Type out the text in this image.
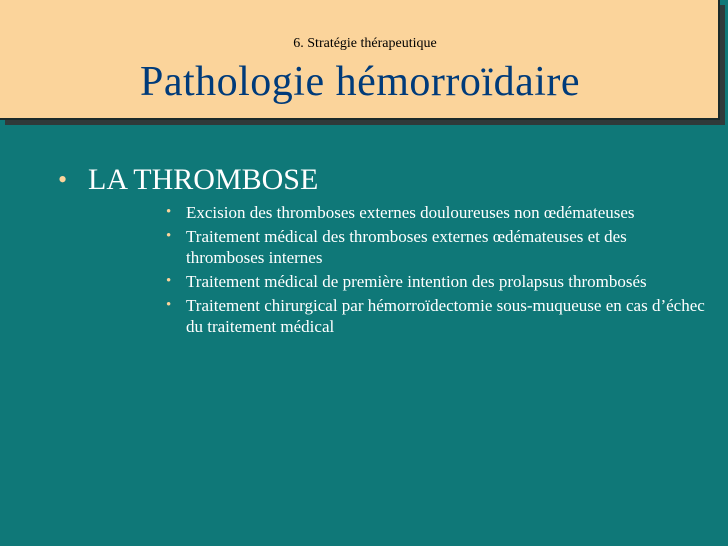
6. Stratégie thérapeutique
Pathologie hémorroïdaire
• LA THROMBOSE
• Excision des thromboses externes douloureuses non œdémateuses
• Traitement médical des thromboses externes œdémateuses et des thromboses internes
• Traitement médical de première intention des prolapsus thrombosés
• Traitement chirurgical par hémorroïdectomie sous-muqueuse en cas d’échec du traitement médical
